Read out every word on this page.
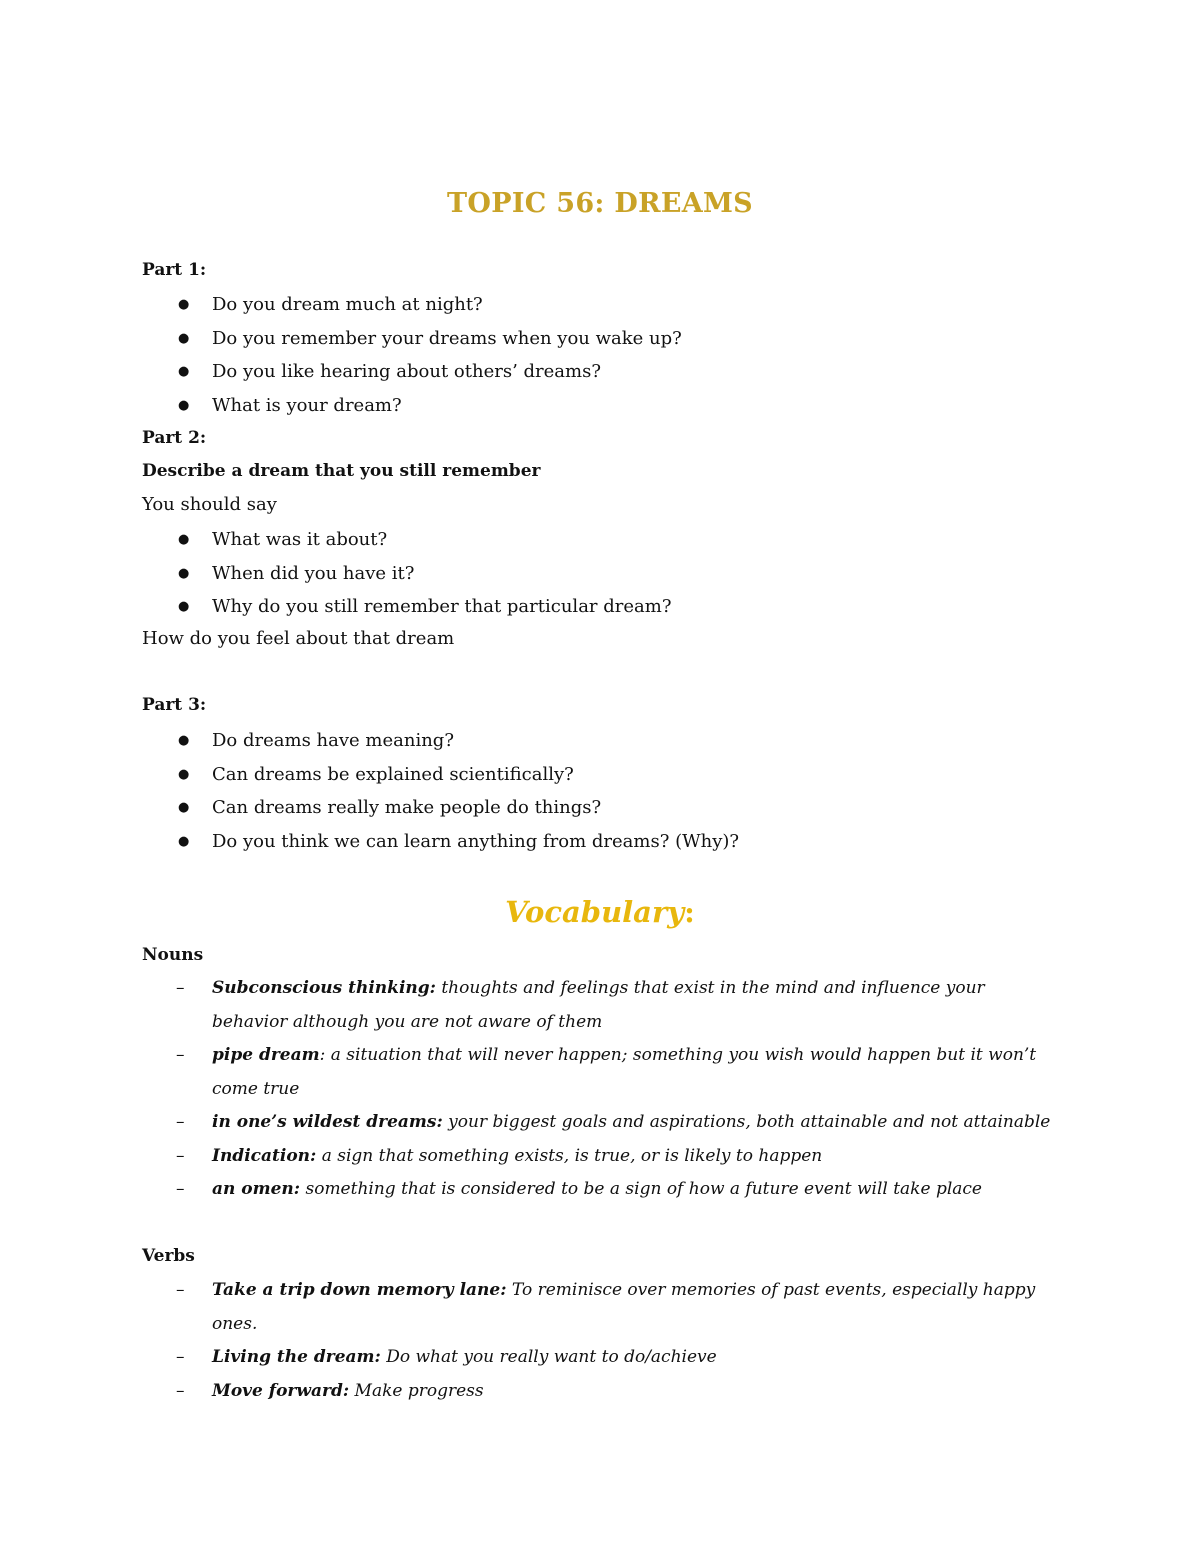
TOPIC 56: DREAMS
Part 1:
● Do you dream much at night?
● Do you remember your dreams when you wake up?
● Do you like hearing about others’ dreams?
● What is your dream?
Part 2:
Describe a dream that you still remember
You should say
● What was it about?
● When did you have it?
● Why do you still remember that particular dream?
How do you feel about that dream
Part 3:
● Do dreams have meaning?
● Can dreams be explained scientifically?
● Can dreams really make people do things?
● Do you think we can learn anything from dreams? (Why)?
Vocabulary:
Nouns
– Subconscious thinking: thoughts and feelings that exist in the mind and influence your behavior although you are not aware of them
– pipe dream: a situation that will never happen; something you wish would happen but it won’t come true
– in one’s wildest dreams: your biggest goals and aspirations, both attainable and not attainable
– Indication: a sign that something exists, is true, or is likely to happen
– an omen: something that is considered to be a sign of how a future event will take place
Verbs
– Take a trip down memory lane: To reminisce over memories of past events, especially happy ones.
– Living the dream: Do what you really want to do/achieve
– Move forward: Make progress
